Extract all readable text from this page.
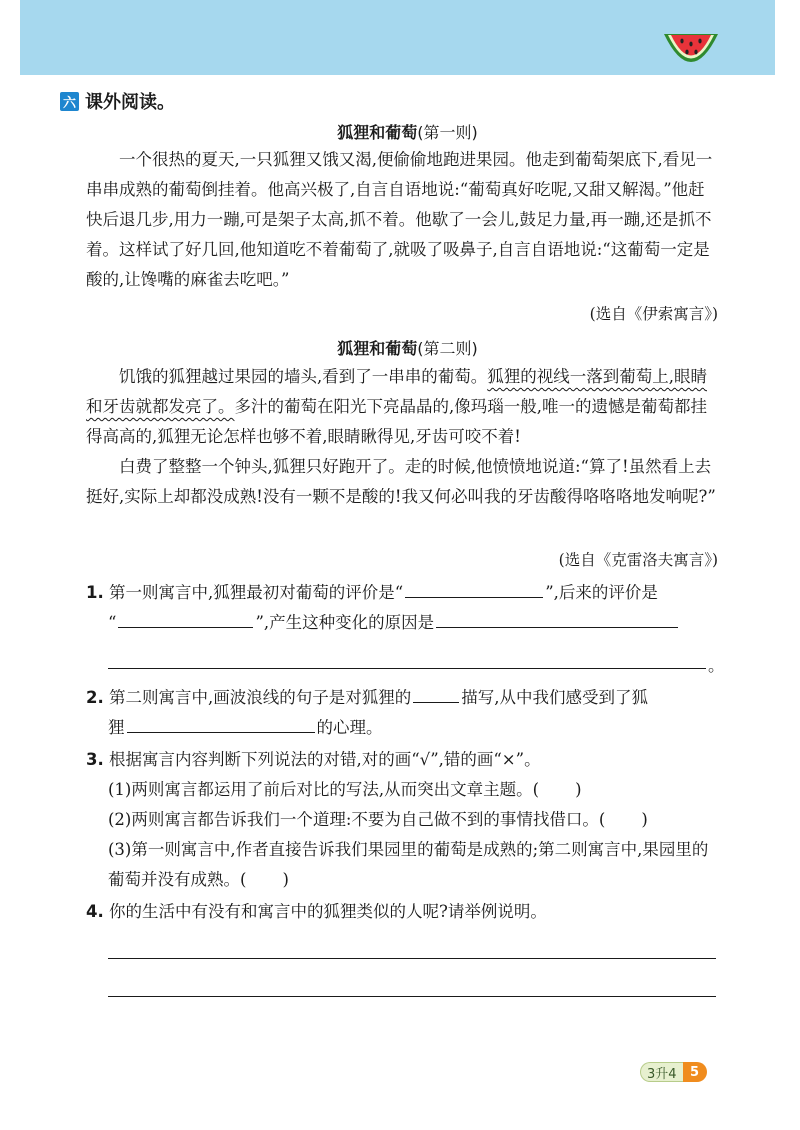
六 课外阅读。
狐狸和葡萄(第一则)

一个很热的夏天,一只狐狸又饿又渴,便偷偷地跑进果园。他走到葡萄架底下,看见一串串成熟的葡萄倒挂着。他高兴极了,自言自语地说:“葡萄真好吃呢,又甜又解渴。”他赶快后退几步,用力一蹦,可是架子太高,抓不着。他歇了一会儿,鼓足力量,再一蹦,还是抓不着。这样试了好几回,他知道吃不着葡萄了,就吸了吸鼻子,自言自语地说:“这葡萄一定是酸的,让馋嘴的麻雀去吃吧。”

(选自《伊索寓言》)
狐狸和葡萄(第二则)

饥饿的狐狸越过果园的墙头,看到了一串串的葡萄。狐狸的视线一落到葡萄上,眼睛和牙齿就都发亮了。多汁的葡萄在阳光下亮晶晶的,像玛瑙一般,唯一的遗憾是葡萄都挂得高高的,狐狸无论怎样也够不着,眼睛瞅得见,牙齿可咬不着!

白费了整整一个钟头,狐狸只好跑开了。走的时候,他愤愤地说道:“算了!虽然看上去挺好,实际上却都没成熟!没有一颗不是酸的!我又何必叫我的牙齿酸得咯咯咯地发响呢?”

(选自《克雷洛夫寓言》)
1. 第一则寓言中,狐狸最初对葡萄的评价是“	”,后来的评价是
“	”,产生这种变化的原因是
。
2. 第二则寓言中,画波浪线的句子是对狐狸的	描写,从中我们感受到了狐
狸	的心理。
3. 根据寓言内容判断下列说法的对错,对的画“√”,错的画“×”。
(1)两则寓言都运用了前后对比的写法,从而突出文章主题。( )
(2)两则寓言都告诉我们一个道理:不要为自己做不到的事情找借口。( )
(3)第一则寓言中,作者直接告诉我们果园里的葡萄是成熟的;第二则寓言中,果园里的葡萄并没有成熟。( )
4. 你的生活中有没有和寓言中的狐狸类似的人呢?请举例说明。
3升4	5
